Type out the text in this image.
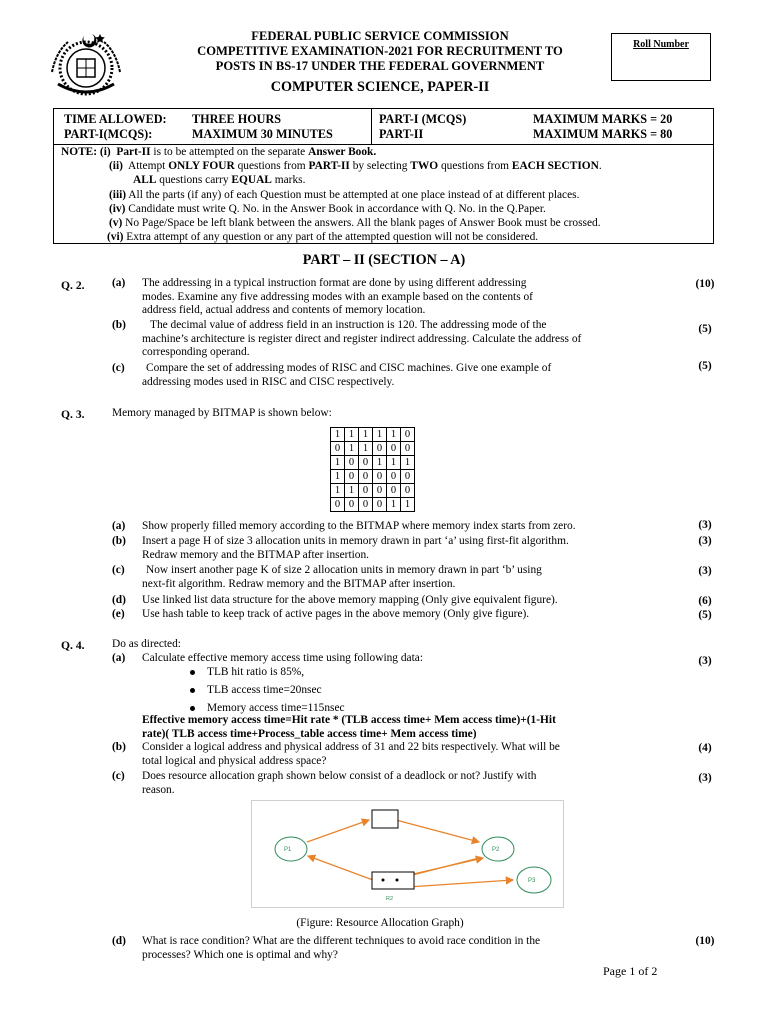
FEDERAL PUBLIC SERVICE COMMISSION
COMPETITIVE EXAMINATION-2021 FOR RECRUITMENT TO
POSTS IN BS-17 UNDER THE FEDERAL GOVERNMENT
Roll Number
COMPUTER SCIENCE, PAPER-II
TIME ALLOWED: THREE HOURS
PART-I(MCQS):	MAXIMUM 30 MINUTES
PART-I (MCQS)	MAXIMUM MARKS = 20
PART-II	MAXIMUM MARKS = 80
NOTE: (i) Part-II is to be attempted on the separate Answer Book.
(ii) Attempt ONLY FOUR questions from PART-II by selecting TWO questions from EACH SECTION.
ALL questions carry EQUAL marks.
(iii) All the parts (if any) of each Question must be attempted at one place instead of at different places.
(iv) Candidate must write Q. No. in the Answer Book in accordance with Q. No. in the Q.Paper.
(v) No Page/Space be left blank between the answers. All the blank pages of Answer Book must be crossed.
(vi) Extra attempt of any question or any part of the attempted question will not be considered.
PART – II (SECTION – A)
Q. 2. (a) The addressing in a typical instruction format are done by using different addressing
modes. Examine any five addressing modes with an example based on the contents of
address field, actual address and contents of memory location.
(10)
(b)	The decimal value of address field in an instruction is 120. The addressing mode of the
machine’s architecture is register direct and register indirect addressing. Calculate the address of
corresponding operand.
(5)
(c)	Compare the set of addressing modes of RISC and CISC machines. Give one example of
addressing modes used in RISC and CISC respectively.
(5)
Q. 3. Memory managed by BITMAP is shown below:
1	1	1	1	1	0
0	1	1	0	0	0
1	0	0	1	1	1
1	0	0	0	0	0
1	1	0	0	0	0
0	0	0	0	1	1
(a) Show properly filled memory according to the BITMAP where memory index starts from zero.	(3)
(b) Insert a page H of size 3 allocation units in memory drawn in part ‘a’ using first-fit algorithm.
Redraw memory and the BITMAP after insertion.
(3)
(c)	Now insert another page K of size 2 allocation units in memory drawn in part ‘b’ using
next-fit algorithm. Redraw memory and the BITMAP after insertion.
(3)
(d) Use linked list data structure for the above memory mapping (Only give equivalent figure).	(6)
(e) Use hash table to keep track of active pages in the above memory (Only give figure).	(5)
Q. 4. Do as directed:
(a) Calculate effective memory access time using following data:	(3)
TLB hit ratio is 85%,
TLB access time=20nsec
Memory access time=115nsec
Effective memory access time=Hit rate * (TLB access time+ Mem access time)+(1-Hit
rate)( TLB access time+Process_table access time+ Mem access time)
(b) Consider a logical address and physical address of 31 and 22 bits respectively. What will be
total logical and physical address space?
(4)
(c) Does resource allocation graph shown below consist of a deadlock or not? Justify with
reason.
(3)
R2
P1	P2
P3
(Figure: Resource Allocation Graph)
(d) What is race condition? What are the different techniques to avoid race condition in the
processes? Which one is optimal and why?
(10)
Page 1 of 2
